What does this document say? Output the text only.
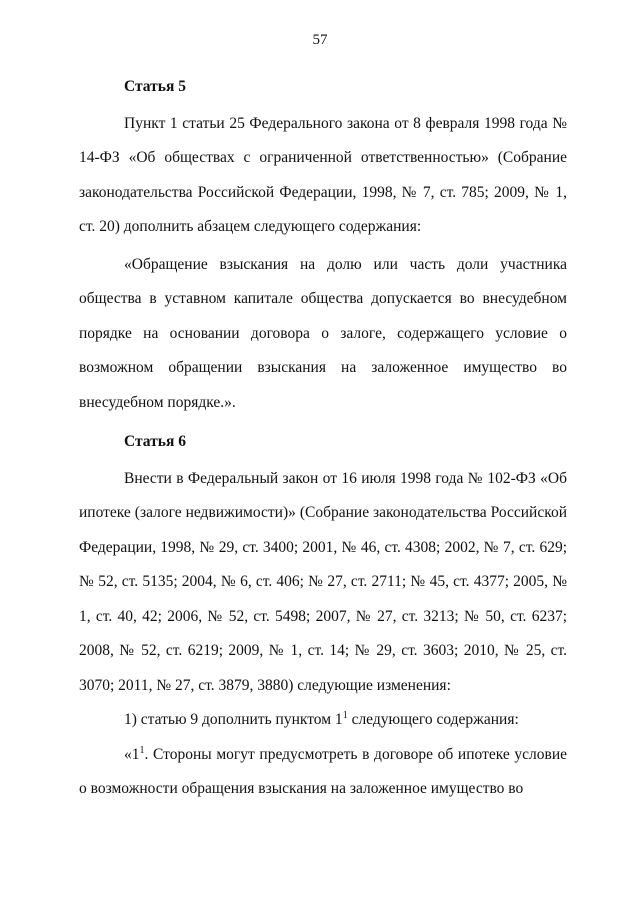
57
Статья 5

Пункт 1 статьи 25 Федерального закона от 8 февраля 1998 года № 14-ФЗ «Об обществах с ограниченной ответственностью» (Собрание законодательства Российской Федерации, 1998, № 7, ст. 785; 2009, № 1, ст. 20) дополнить абзацем следующего содержания:

«Обращение взыскания на долю или часть доли участника общества в уставном капитале общества допускается во внесудебном порядке на основании договора о залоге, содержащего условие о возможном обращении взыскания на заложенное имущество во внесудебном порядке.».

Статья 6

Внести в Федеральный закон от 16 июля 1998 года № 102-ФЗ «Об ипотеке (залоге недвижимости)» (Собрание законодательства Российской Федерации, 1998, № 29, ст. 3400; 2001, № 46, ст. 4308; 2002, № 7, ст. 629; № 52, ст. 5135; 2004, № 6, ст. 406; № 27, ст. 2711; № 45, ст. 4377; 2005, № 1, ст. 40, 42; 2006, № 52, ст. 5498; 2007, № 27, ст. 3213; № 50, ст. 6237; 2008, № 52, ст. 6219; 2009, № 1, ст. 14; № 29, ст. 3603; 2010, № 25, ст. 3070; 2011, № 27, ст. 3879, 3880) следующие изменения:

1) статью 9 дополнить пунктом $1^1$ следующего содержания:

«$1^1$. Стороны могут предусмотреть в договоре об ипотеке условие о возможности обращения взыскания на заложенное имущество во
